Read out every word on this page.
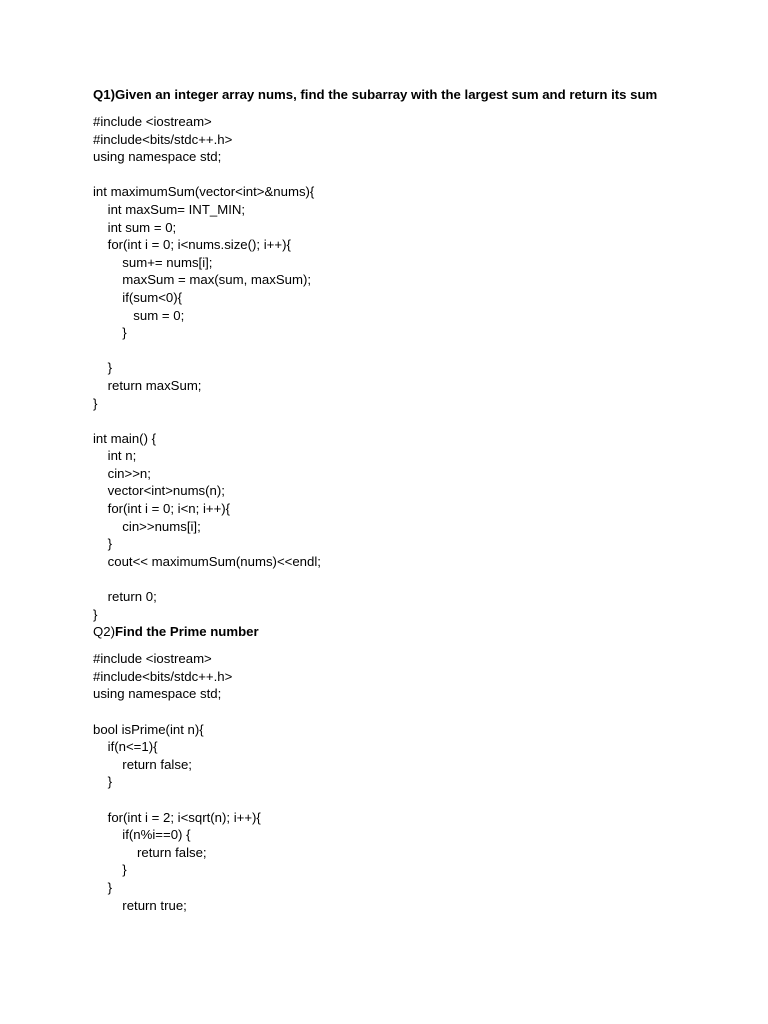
Q1)Given an integer array nums, find the subarray with the largest sum and return its sum
#include <iostream>
#include<bits/stdc++.h>
using namespace std;
int maximumSum(vector<int>&nums){
int maxSum= INT_MIN;
int sum = 0;
for(int i = 0; i<nums.size(); i++){
sum+= nums[i];
maxSum = max(sum, maxSum);
if(sum<0){
sum = 0;
}
}
return maxSum;
}
int main() {
int n;
cin>>n;
vector<int>nums(n);
for(int i = 0; i<n; i++){
cin>>nums[i];
}
cout<< maximumSum(nums)<<endl;
return 0;
}
Q2)Find the Prime number
#include <iostream>
#include<bits/stdc++.h>
using namespace std;
bool isPrime(int n){
if(n<=1){
return false;
}
for(int i = 2; i<sqrt(n); i++){
if(n%i==0) {
return false;
}
}
return true;
